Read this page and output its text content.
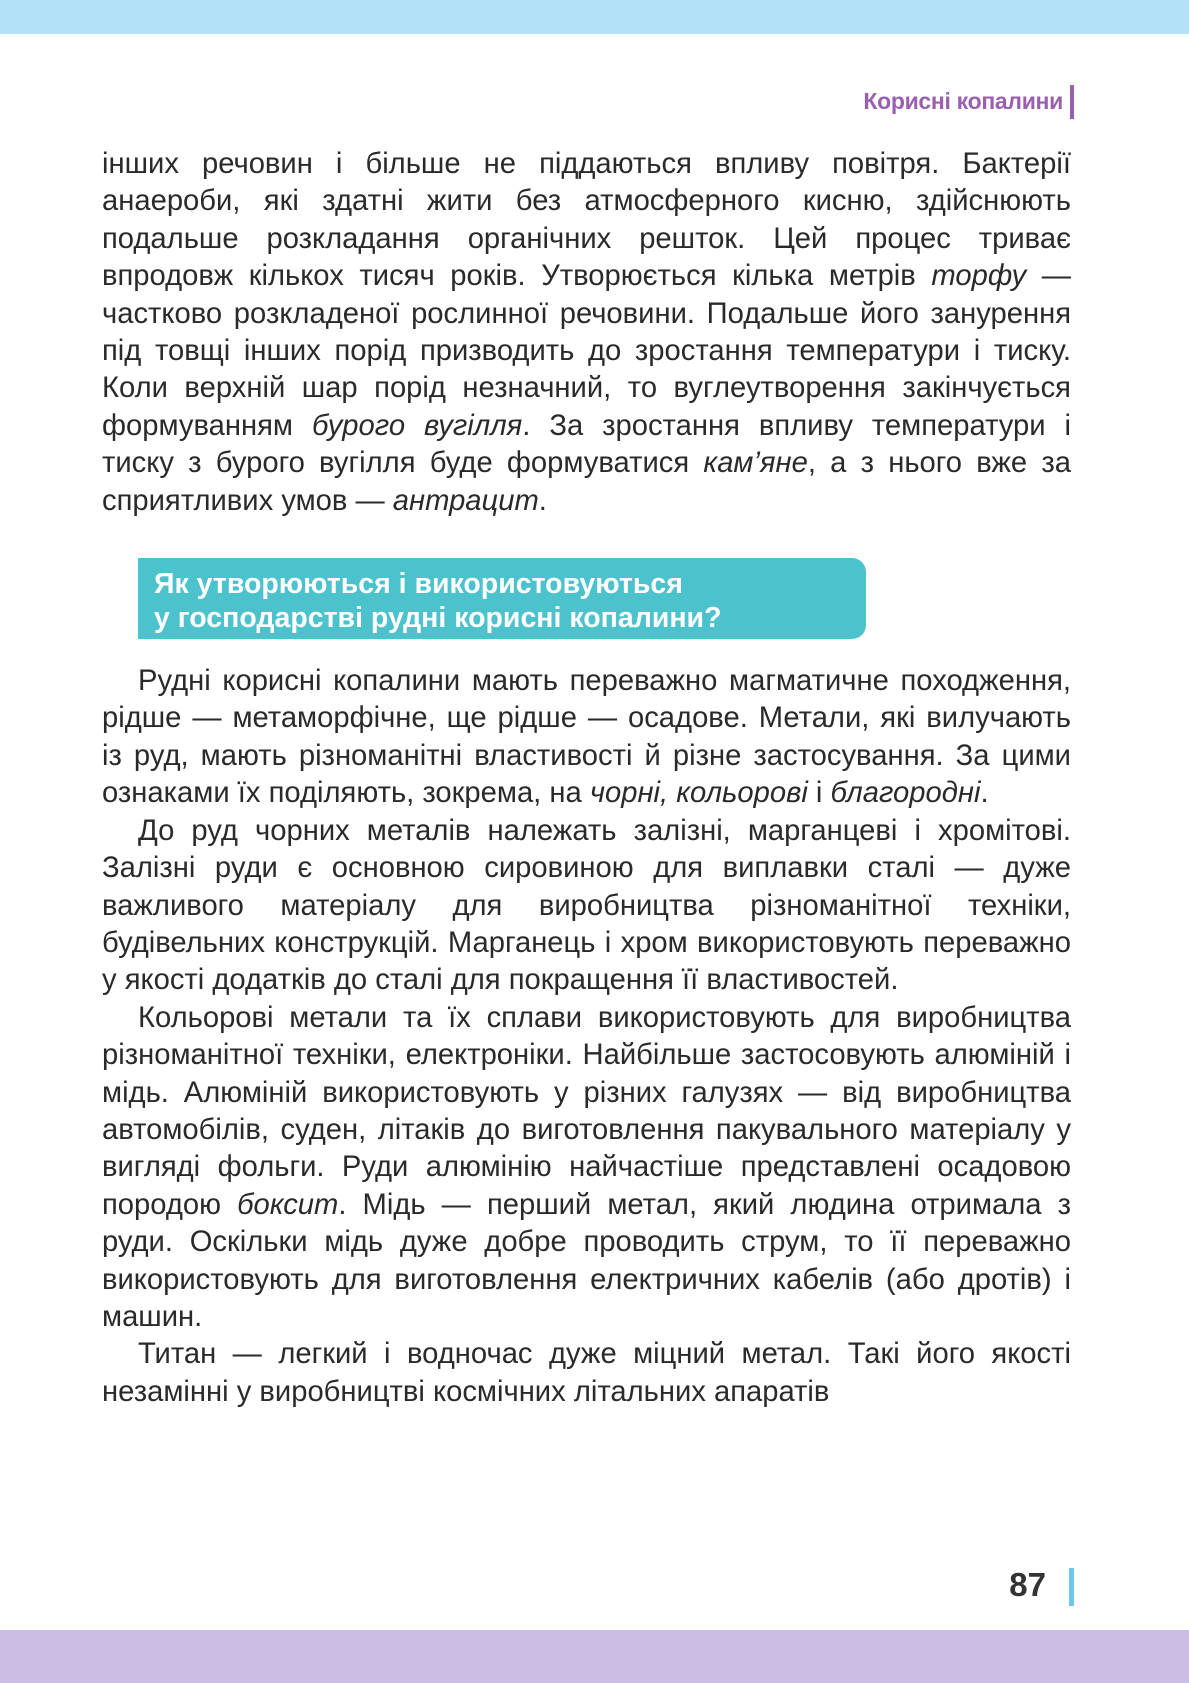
Корисні копалини

інших речовин і більше не піддаються впливу повітря. Бактерії анаероби, які здатні жити без атмосферного кисню, здійснюють подальше розкладання органічних решток. Цей процес триває впродовж кількох тисяч років. Утворюється кілька метрів торфу — частково розкладеної рослинної речовини. Подальше його занурення під товщі інших порід призводить до зростання температури і тиску. Коли верхній шар порід незначний, то вуглеутворення закінчується формуванням бурого вугілля. За зростання впливу температури і тиску з бурого вугілля буде формуватися кам’яне, а з нього вже за сприятливих умов — антрацит.

Як утворюються і використовуються
у господарстві рудні корисні копалини?

Рудні корисні копалини мають переважно магматичне походження, рідше — метаморфічне, ще рідше — осадове. Метали, які вилучають із руд, мають різноманітні властивості й різне застосування. За цими ознаками їх поділяють, зокрема, на чорні, кольорові і благородні.

До руд чорних металів належать залізні, марганцеві і хромітові. Залізні руди є основною сировиною для виплавки сталі — дуже важливого матеріалу для виробництва різноманітної техніки, будівельних конструкцій. Марганець і хром використовують переважно у якості додатків до сталі для покращення її властивостей.

Кольорові метали та їх сплави використовують для виробництва різноманітної техніки, електроніки. Найбільше застосовують алюміній і мідь. Алюміній використовують у різних галузях — від виробництва автомобілів, суден, літаків до виготовлення пакувального матеріалу у вигляді фольги. Руди алюмінію найчастіше представлені осадовою породою боксит. Мідь — перший метал, який людина отримала з руди. Оскільки мідь дуже добре проводить струм, то її переважно використовують для виготовлення електричних кабелів (або дротів) і машин.

Титан — легкий і водночас дуже міцний метал. Такі його якості незамінні у виробництві космічних літальних апаратів

87
